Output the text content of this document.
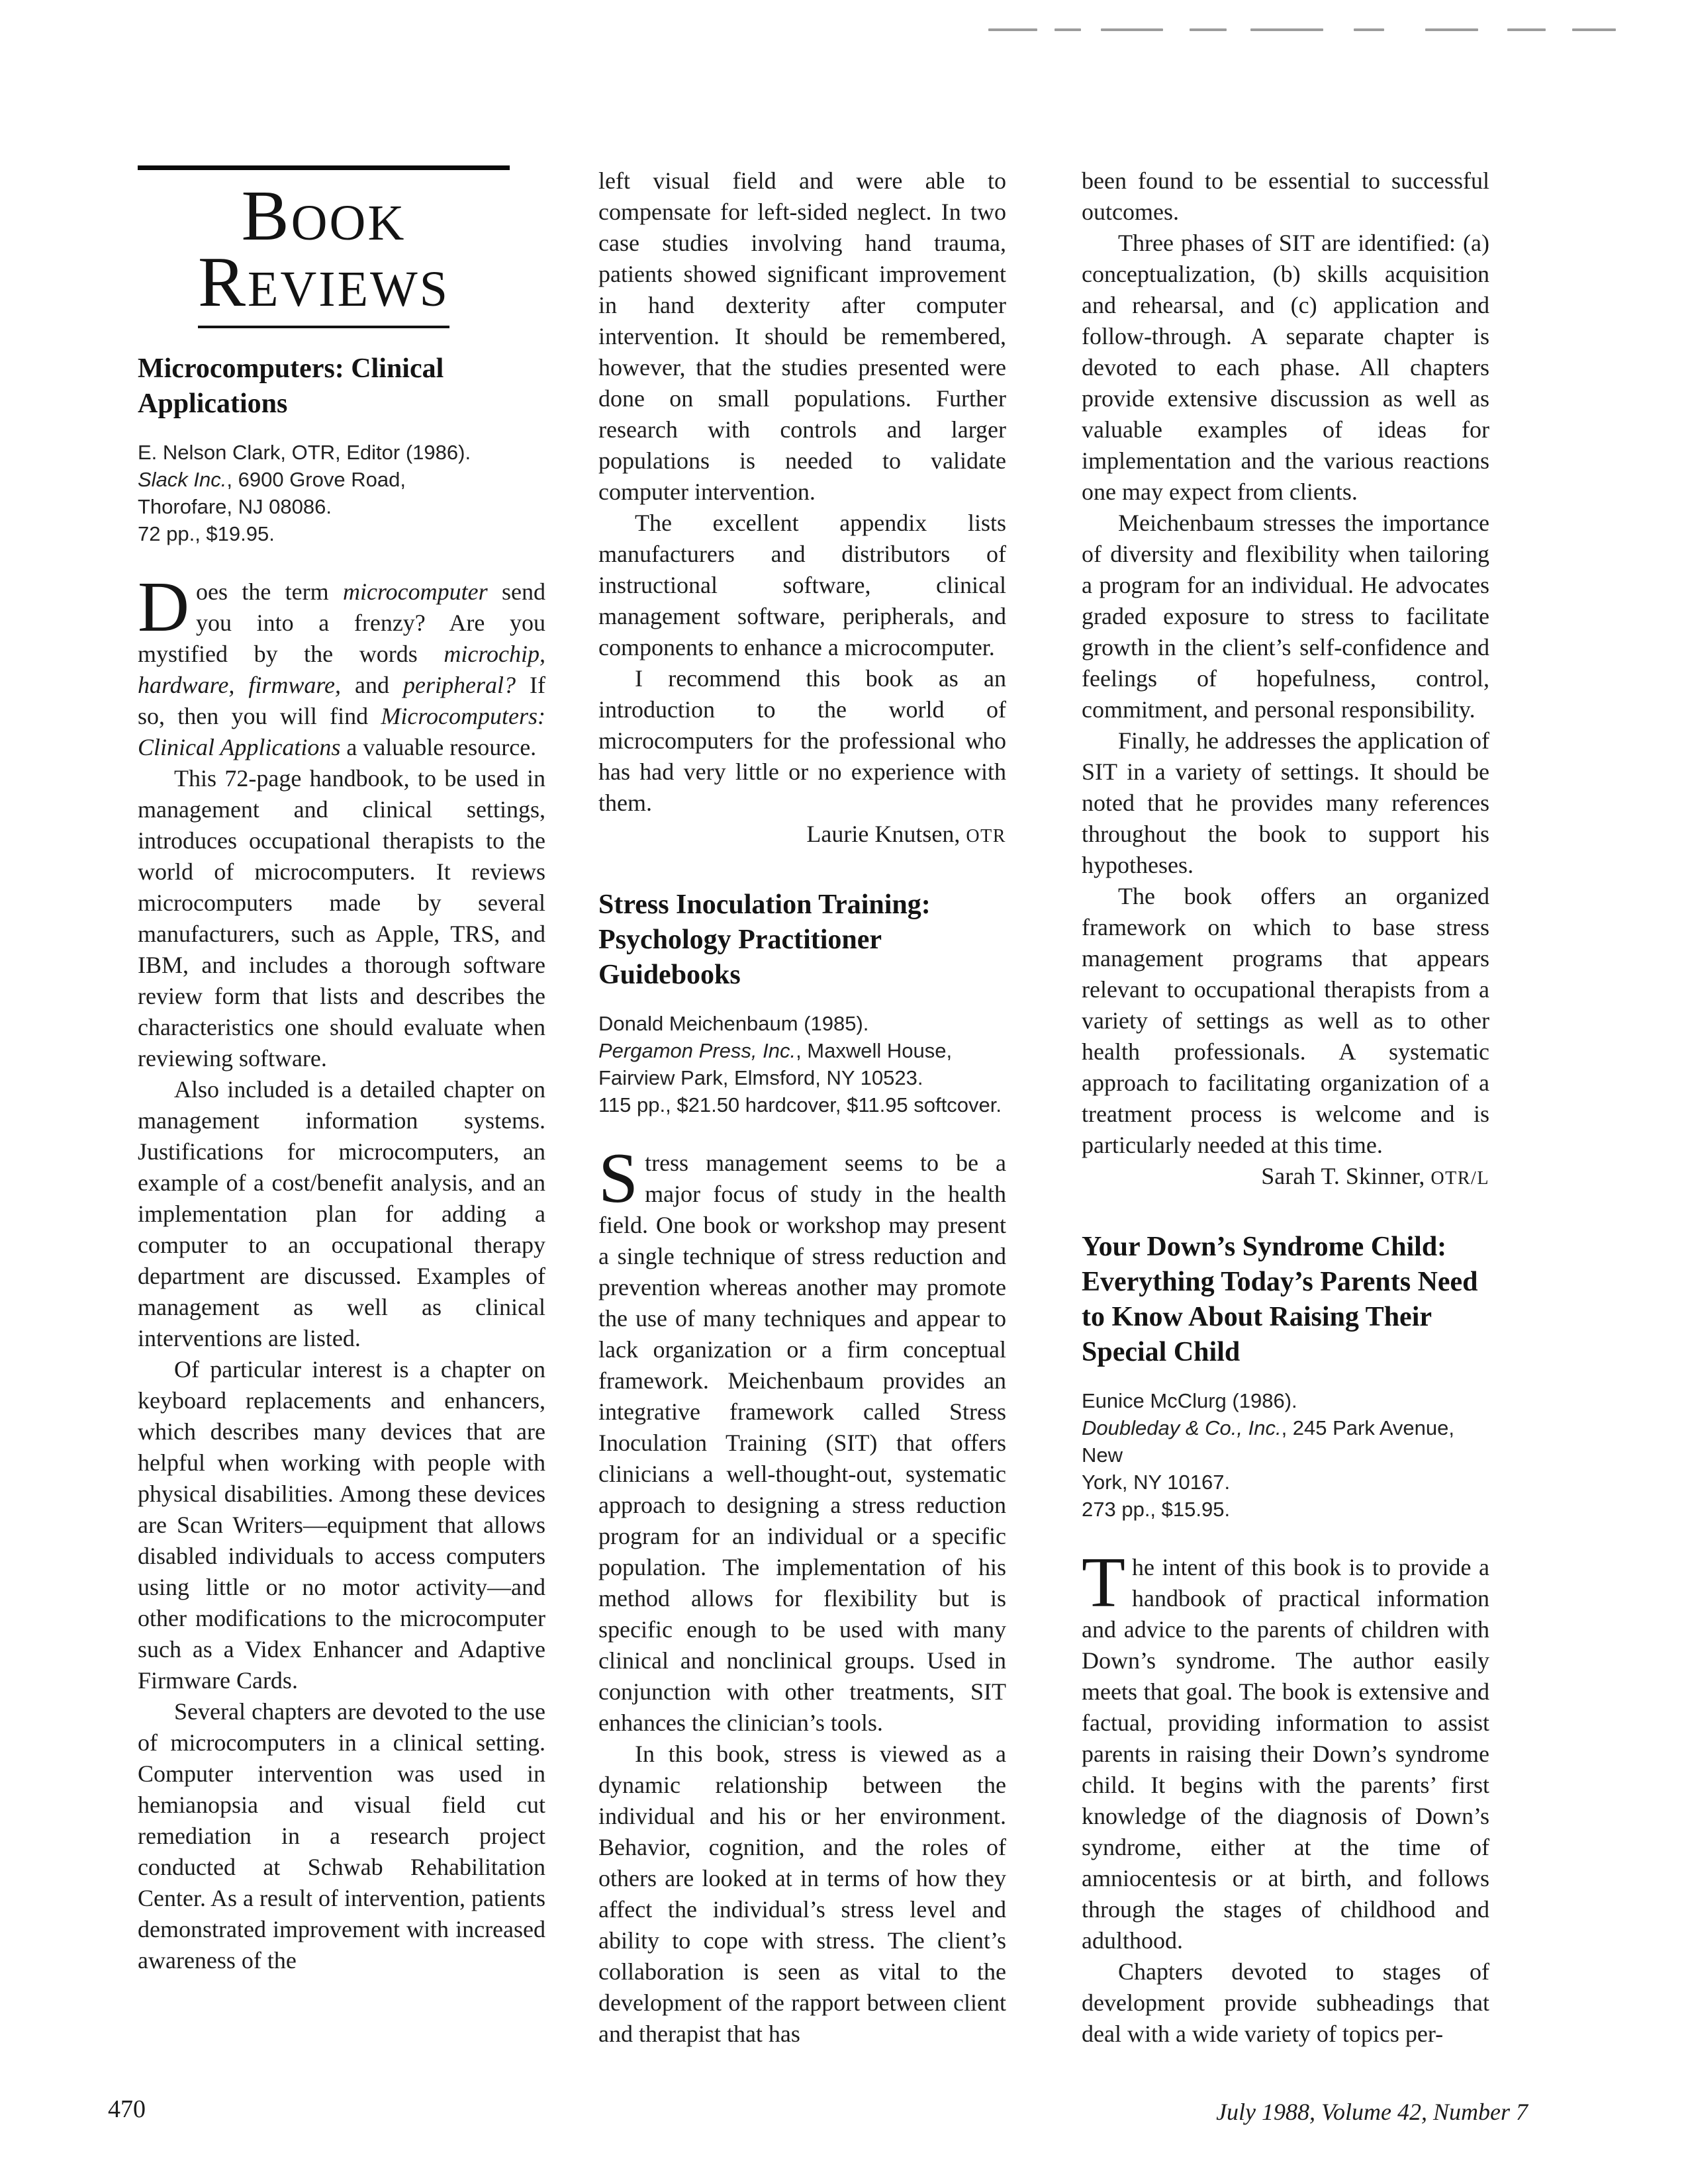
Book
Reviews
Microcomputers: Clinical Applications
E. Nelson Clark, OTR, Editor (1986).
Slack Inc., 6900 Grove Road,
Thorofare, NJ 08086.
72 pp., $19.95.

Does the term microcomputer send you into a frenzy? Are you mystified by the words microchip, hardware, firmware, and peripheral? If so, then you will find Microcomputers: Clinical Applications a valuable resource.

This 72-page handbook, to be used in management and clinical settings, introduces occupational therapists to the world of microcomputers. It reviews microcomputers made by several manufacturers, such as Apple, TRS, and IBM, and includes a thorough software review form that lists and describes the characteristics one should evaluate when reviewing software.

Also included is a detailed chapter on management information systems. Justifications for microcomputers, an example of a cost/benefit analysis, and an implementation plan for adding a computer to an occupational therapy department are discussed. Examples of management as well as clinical interventions are listed.

Of particular interest is a chapter on keyboard replacements and enhancers, which describes many devices that are helpful when working with people with physical disabilities. Among these devices are Scan Writers—equipment that allows disabled individuals to access computers using little or no motor activity—and other modifications to the microcomputer such as a Videx Enhancer and Adaptive Firmware Cards.

Several chapters are devoted to the use of microcomputers in a clinical setting. Computer intervention was used in hemianopsia and visual field cut remediation in a research project conducted at Schwab Rehabilitation Center. As a result of intervention, patients demonstrated improvement with increased awareness of the

left visual field and were able to compensate for left-sided neglect. In two case studies involving hand trauma, patients showed significant improvement in hand dexterity after computer intervention. It should be remembered, however, that the studies presented were done on small populations. Further research with controls and larger populations is needed to validate computer intervention.

The excellent appendix lists manufacturers and distributors of instructional software, clinical management software, peripherals, and components to enhance a microcomputer.

I recommend this book as an introduction to the world of microcomputers for the professional who has had very little or no experience with them.

Laurie Knutsen, OTR
Stress Inoculation Training: Psychology Practitioner Guidebooks
Donald Meichenbaum (1985).
Pergamon Press, Inc., Maxwell House,
Fairview Park, Elmsford, NY 10523.
115 pp., $21.50 hardcover, $11.95 softcover.

Stress management seems to be a major focus of study in the health field. One book or workshop may present a single technique of stress reduction and prevention whereas another may promote the use of many techniques and appear to lack organization or a firm conceptual framework. Meichenbaum provides an integrative framework called Stress Inoculation Training (SIT) that offers clinicians a well-thought-out, systematic approach to designing a stress reduction program for an individual or a specific population. The implementation of his method allows for flexibility but is specific enough to be used with many clinical and nonclinical groups. Used in conjunction with other treatments, SIT enhances the clinician’s tools.

In this book, stress is viewed as a dynamic relationship between the individual and his or her environment. Behavior, cognition, and the roles of others are looked at in terms of how they affect the individual’s stress level and ability to cope with stress. The client’s collaboration is seen as vital to the development of the rapport between client and therapist that has

been found to be essential to successful outcomes.

Three phases of SIT are identified: (a) conceptualization, (b) skills acquisition and rehearsal, and (c) application and follow-through. A separate chapter is devoted to each phase. All chapters provide extensive discussion as well as valuable examples of ideas for implementation and the various reactions one may expect from clients.

Meichenbaum stresses the importance of diversity and flexibility when tailoring a program for an individual. He advocates graded exposure to stress to facilitate growth in the client’s self-confidence and feelings of hopefulness, control, commitment, and personal responsibility.

Finally, he addresses the application of SIT in a variety of settings. It should be noted that he provides many references throughout the book to support his hypotheses.

The book offers an organized framework on which to base stress management programs that appears relevant to occupational therapists from a variety of settings as well as to other health professionals. A systematic approach to facilitating organization of a treatment process is welcome and is particularly needed at this time.

Sarah T. Skinner, OTR/L
Your Down’s Syndrome Child: Everything Today’s Parents Need to Know About Raising Their Special Child
Eunice McClurg (1986).
Doubleday & Co., Inc., 245 Park Avenue, New
York, NY 10167.
273 pp., $15.95.

The intent of this book is to provide a handbook of practical information and advice to the parents of children with Down’s syndrome. The author easily meets that goal. The book is extensive and factual, providing information to assist parents in raising their Down’s syndrome child. It begins with the parents’ first knowledge of the diagnosis of Down’s syndrome, either at the time of amniocentesis or at birth, and follows through the stages of childhood and adulthood.

Chapters devoted to stages of development provide subheadings that deal with a wide variety of topics per-

470	July 1988, Volume 42, Number 7
